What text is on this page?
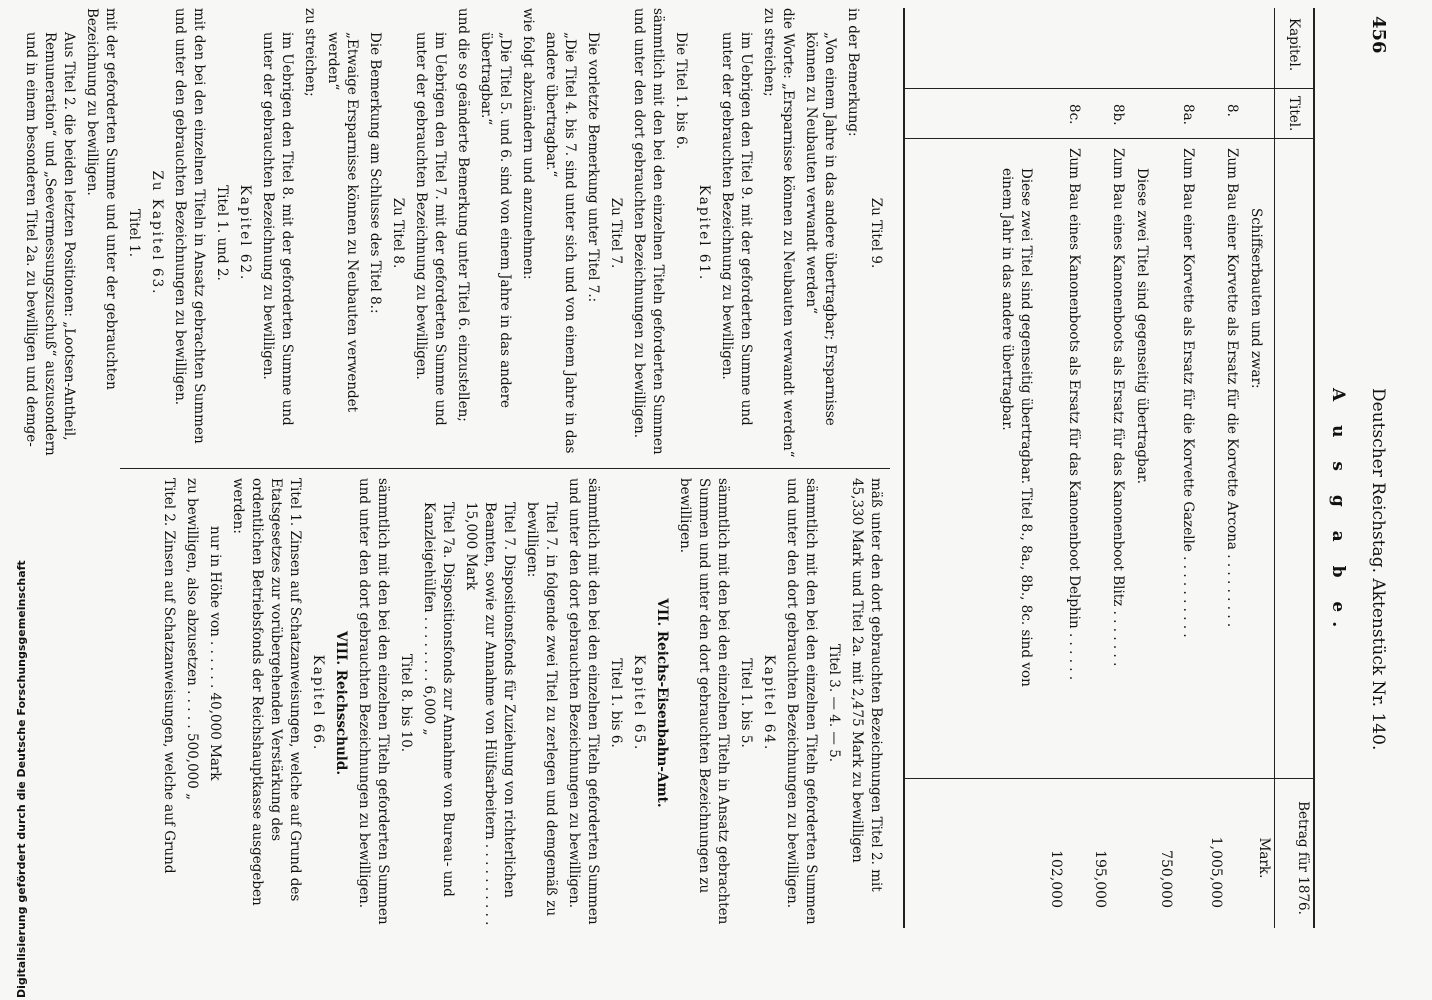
Digitalisierung gefördert durch die Deutsche Forschungsgemeinschaft
456
Deutscher Reichstag. Aktenstück Nr. 140.
A u s g a b e.
Kapitel.
Titel.
Betrag für 1876.
Mark.
Schiffserbauten und zwar:
8.
Zum Bau einer Korvette als Ersatz für die Korvette Arcona . . . . . . . . .
1,005,000
8a.
Zum Bau einer Korvette als Ersatz für die Korvette Gazelle . . . . . . . . . .
750,000
Diese zwei Titel sind gegenseitig übertragbar.
8b.
Zum Bau eines Kanonenboots als Ersatz für das Kanonenboot Blitz . . . . . . .
195,000
8c.
Zum Bau eines Kanonenboots als Ersatz für das Kanonenboot Delphin . . . . . .
102,000
Diese zwei Titel sind gegenseitig übertragbar. Titel 8., 8a., 8b., 8c. sind von einem Jahr in das andere übertragbar.

Zu Titel 9.

in der Bemerkung:

„Von einem Jahre in das andere übertragbar; Ersparnisse können zu Neubauten verwandt werden“

die Worte: „Ersparnisse können zu Neubauten verwandt werden“ zu streichen;

im Uebrigen den Titel 9. mit der geforderten Summe und unter der gebrauchten Bezeichnung zu bewilligen.

Kapitel 61.

Die Titel 1. bis 6.

sämmtlich mit den bei den einzelnen Titeln geforderten Summen und unter den dort gebrauchten Bezeichnungen zu bewilligen.

Zu Titel 7.

Die vorletzte Bemerkung unter Titel 7.:

„Die Titel 4. bis 7. sind unter sich und von einem Jahre in das andere übertragbar.“

wie folgt abzuändern und anzunehmen:

„Die Titel 5. und 6. sind von einem Jahre in das andere übertragbar.“

und die so geänderte Bemerkung unter Titel 6. einzustellen;

im Uebrigen den Titel 7. mit der geforderten Summe und unter der gebrauchten Bezeichnung zu bewilligen.

Zu Titel 8.

Die Bemerkung am Schlusse des Titel 8.:

„Etwaige Ersparnisse können zu Neubauten verwendet werden“

zu streichen;

im Uebrigen den Titel 8. mit der geforderten Summe und unter der gebrauchten Bezeichnung zu bewilligen.

Kapitel 62.

Titel 1. und 2.

mit den bei den einzelnen Titeln in Ansatz gebrachten Summen und unter den gebrauchten Bezeichnungen zu bewilligen.

Zu Kapitel 63.

Titel 1.

mit der geforderten Summe und unter der gebrauchten Bezeichnung zu bewilligen.

Aus Titel 2. die beiden letzten Positionen: „Lootsen-Antheil, Remuneration“ und „Seevermessungszuschuß“ auszusondern und in einem besonderen Titel 2a. zu bewilligen und demge-

mäß unter den dort gebrauchten Bezeichnungen Titel 2. mit 45,330 Mark und Titel 2a. mit 2,475 Mark zu bewilligen

Titel 3. — 4. — 5.

sämmtlich mit den bei den einzelnen Titeln geforderten Summen und unter den dort gebrauchten Bezeichnungen zu bewilligen.

Kapitel 64.

Titel 1. bis 5.

sämmtlich mit den bei den einzelnen Titeln in Ansatz gebrachten Summen und unter den dort gebrauchten Bezeichnungen zu bewilligen.

VII. Reichs-Eisenbahn-Amt.

Kapitel 65.

Titel 1. bis 6.

sämmtlich mit den bei den einzelnen Titeln geforderten Summen und unter den dort gebrauchten Bezeichnungen zu bewilligen.

Titel 7. in folgende zwei Titel zu zerlegen und demgemäß zu bewilligen:

Titel 7. Dispositionsfonds für Zuziehung von richterlichen Beamten, sowie zur Annahme von Hülfsarbeitern . . . . . . . . . . 15,000 Mark

Titel 7a. Dispositionsfonds zur Annahme von Bureau- und Kanzleigehülfen . . . . . . . . 6,000 „

Titel 8. bis 10.

sämmtlich mit den bei den einzelnen Titeln geforderten Summen und unter den dort gebrauchten Bezeichnungen zu bewilligen.

VIII. Reichsschuld.

Kapitel 66.

Titel 1. Zinsen auf Schatzanweisungen, welche auf Grund des Etatsgesetzes zur vorübergehenden Verstärkung des ordentlichen Betriebsfonds der Reichshauptkasse ausgegeben werden:

nur in Höhe von . . . . . . 40,000 Mark

zu bewilligen, also abzusetzen . . . . . 500,000 „

Titel 2. Zinsen auf Schatzanweisungen, welche auf Grund
